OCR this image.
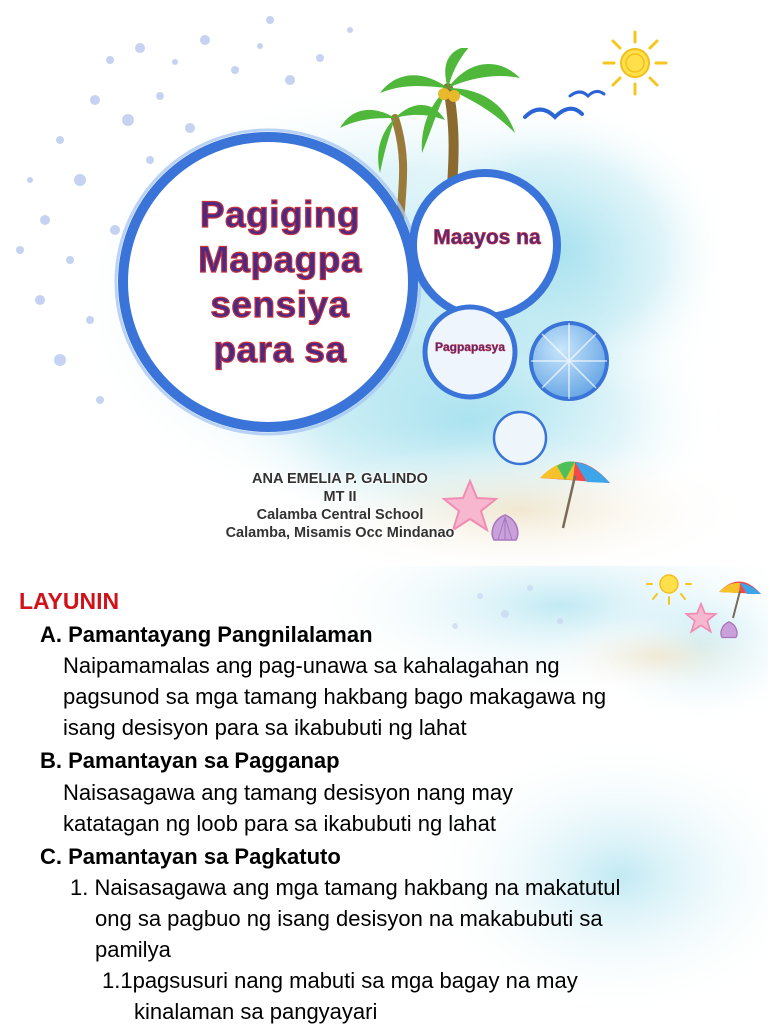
Pagiging
Mapagpa
sensiya
para sa
Maayos na
Pagpapasya
ANA EMELIA P. GALINDO
MT II
Calamba Central School
Calamba, Misamis Occ Mindanao
LAYUNIN
A. Pamantayang Pangnilalaman
Naipamamalas ang pag-unawa sa kahalagahan ng
pagsunod sa mga tamang hakbang bago makagawa ng
isang desisyon para sa ikabubuti ng lahat
B. Pamantayan sa Pagganap
Naisasagawa ang tamang desisyon nang may
katatagan ng loob para sa ikabubuti ng lahat
C. Pamantayan sa Pagkatuto
1. Naisasagawa ang mga tamang hakbang na makatutul
ong sa pagbuo ng isang desisyon na makabubuti sa
pamilya
1.1pagsusuri nang mabuti sa mga bagay na may
kinalaman sa pangyayari
